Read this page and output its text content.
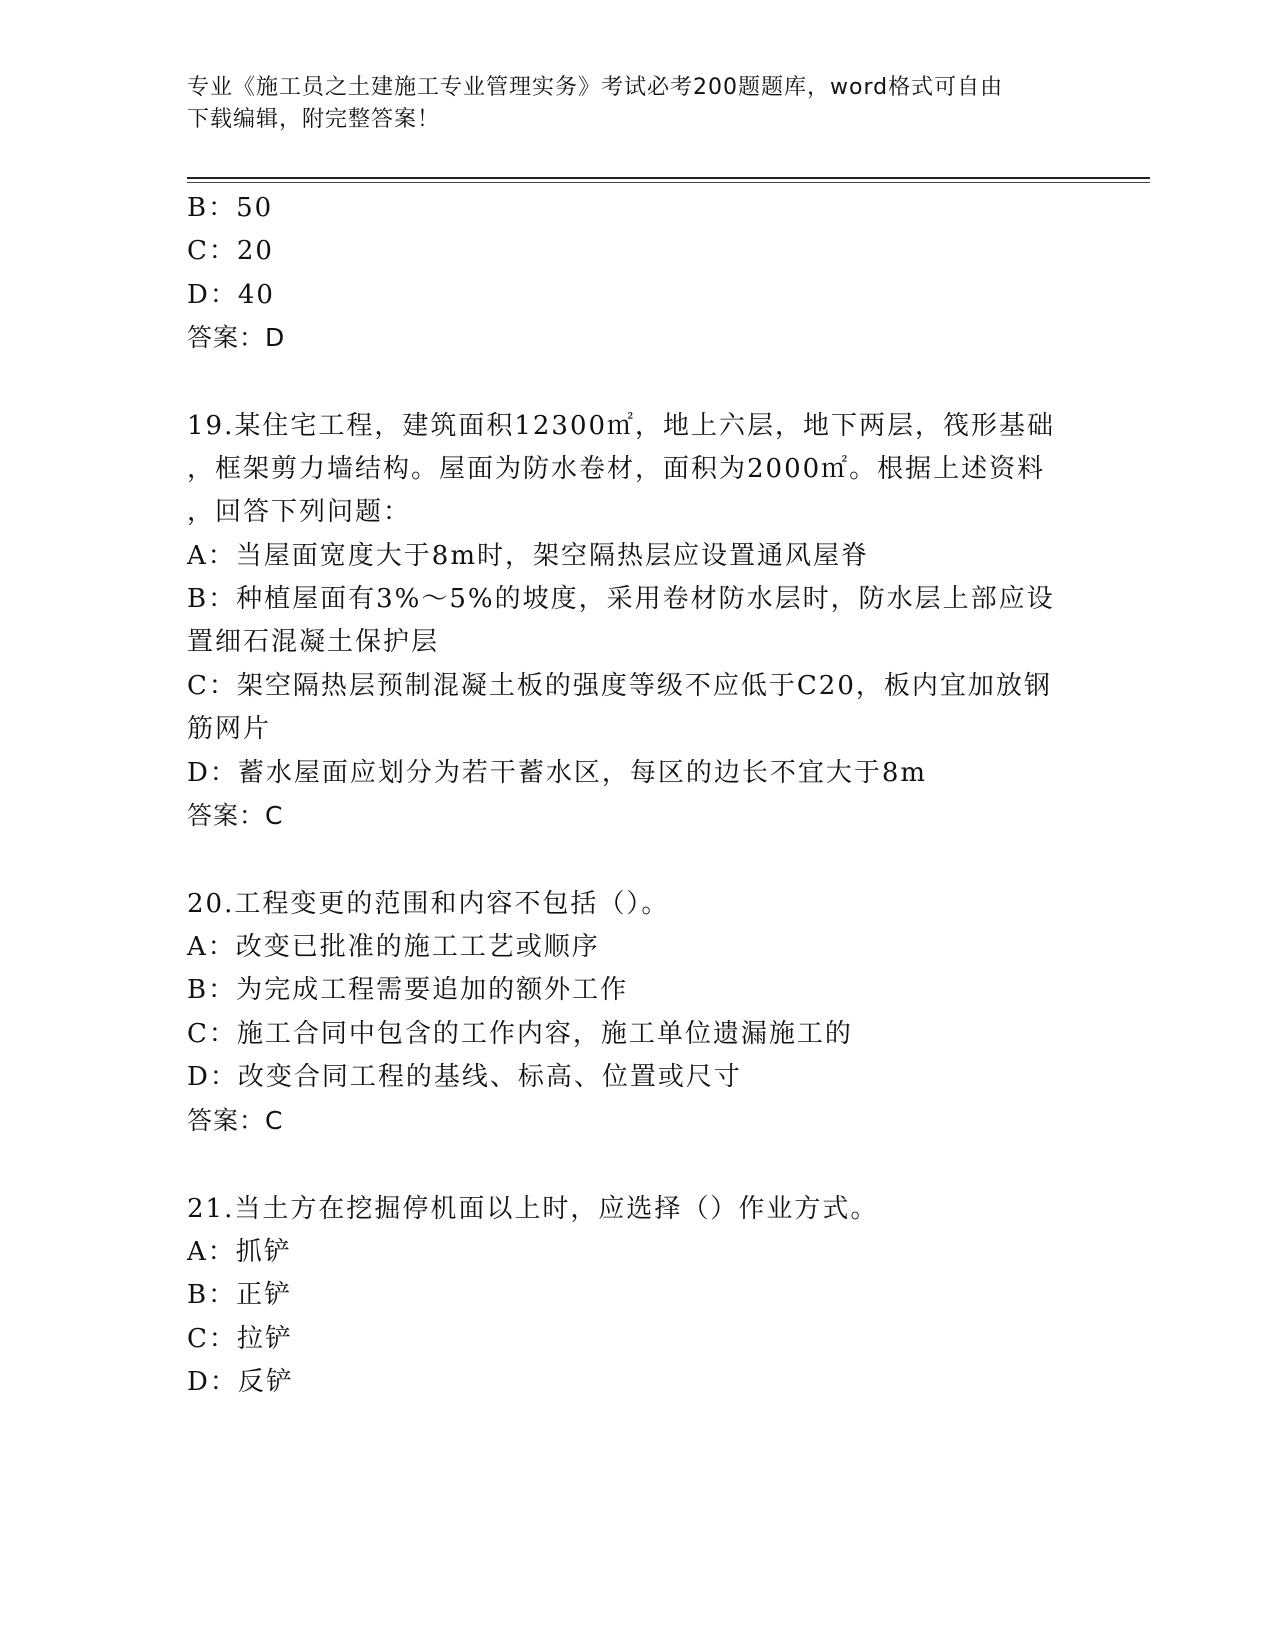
专业《施工员之土建施工专业管理实务》考试必考200题题库，word格式可自由
下载编辑，附完整答案！
B：50
C：20
D：40
答案：D
19.某住宅工程，建筑面积12300㎡，地上六层，地下两层，筏形基础
，框架剪力墙结构。屋面为防水卷材，面积为2000㎡。根据上述资料
，回答下列问题：
A：当屋面宽度大于8m时，架空隔热层应设置通风屋脊
B：种植屋面有3%～5%的坡度，采用卷材防水层时，防水层上部应设
置细石混凝土保护层
C：架空隔热层预制混凝土板的强度等级不应低于C20，板内宜加放钢
筋网片
D：蓄水屋面应划分为若干蓄水区，每区的边长不宜大于8m
答案：C
20.工程变更的范围和内容不包括（）。
A：改变已批准的施工工艺或顺序
B：为完成工程需要追加的额外工作
C：施工合同中包含的工作内容，施工单位遗漏施工的
D：改变合同工程的基线、标高、位置或尺寸
答案：C
21.当土方在挖掘停机面以上时，应选择（）作业方式。
A：抓铲
B：正铲
C：拉铲
D：反铲
